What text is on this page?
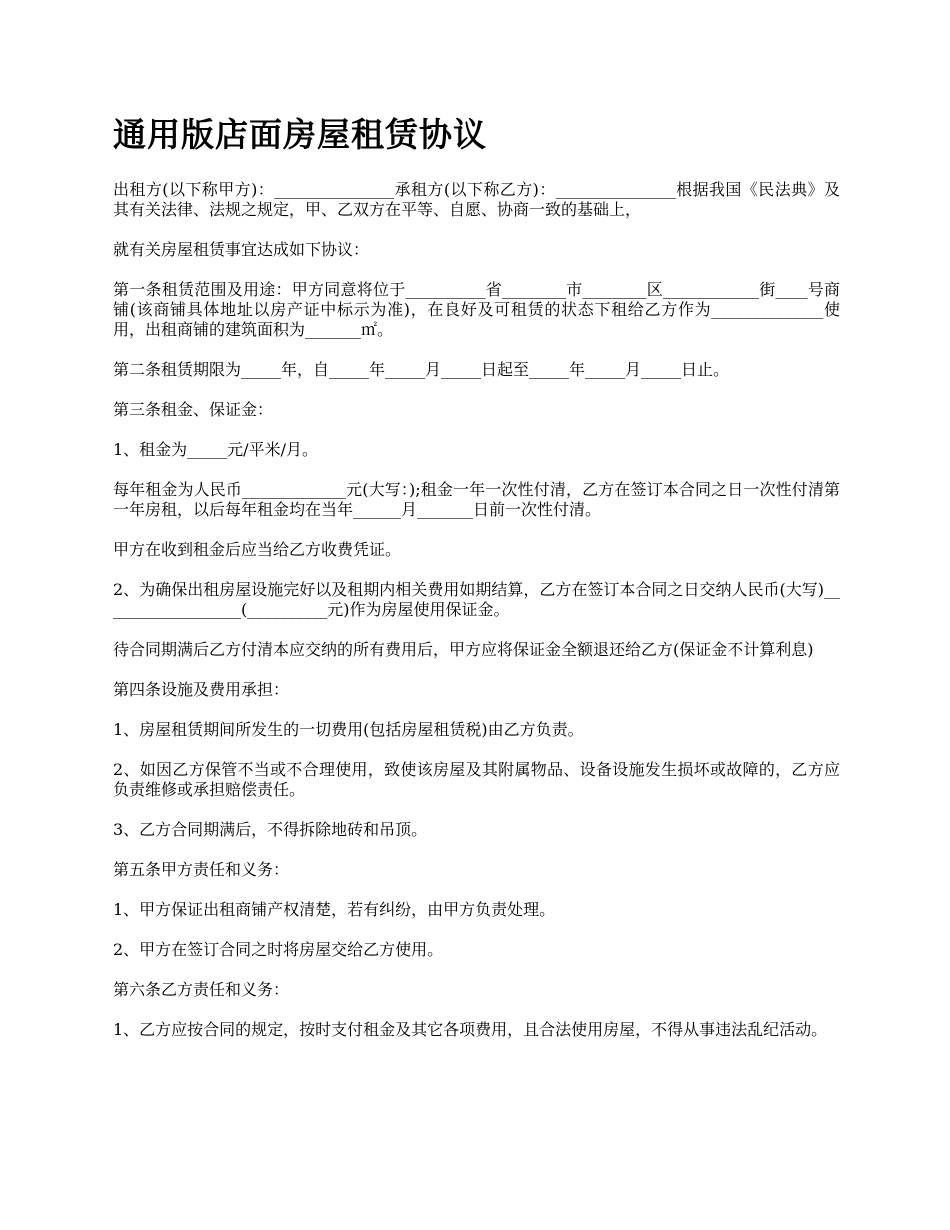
通用版店面房屋租赁协议

出租方(以下称甲方)：_______________承租方(以下称乙方)：_______________根据我国《民法典》及其有关法律、法规之规定，甲、乙双方在平等、自愿、协商一致的基础上，

就有关房屋租赁事宜达成如下协议：

第一条租赁范围及用途：甲方同意将位于__________省________市________区____________街____号商铺(该商铺具体地址以房产证中标示为准)，在良好及可租赁的状态下租给乙方作为______________使用，出租商铺的建筑面积为_______㎡。

第二条租赁期限为_____年，自_____年_____月_____日起至_____年_____月_____日止。

第三条租金、保证金：

1、租金为_____元/平米/月。

每年租金为人民币_____________元(大写：);租金一年一次性付清，乙方在签订本合同之日一次性付清第一年房租，以后每年租金均在当年______月_______日前一次性付清。

甲方在收到租金后应当给乙方收费凭证。

2、为确保出租房屋设施完好以及租期内相关费用如期结算，乙方在签订本合同之日交纳人民币(大写)__________________(__________元)作为房屋使用保证金。

待合同期满后乙方付清本应交纳的所有费用后，甲方应将保证金全额退还给乙方(保证金不计算利息)

第四条设施及费用承担：

1、房屋租赁期间所发生的一切费用(包括房屋租赁税)由乙方负责。

2、如因乙方保管不当或不合理使用，致使该房屋及其附属物品、设备设施发生损坏或故障的，乙方应负责维修或承担赔偿责任。

3、乙方合同期满后，不得拆除地砖和吊顶。

第五条甲方责任和义务：

1、甲方保证出租商铺产权清楚，若有纠纷，由甲方负责处理。

2、甲方在签订合同之时将房屋交给乙方使用。

第六条乙方责任和义务：

1、乙方应按合同的规定，按时支付租金及其它各项费用，且合法使用房屋，不得从事违法乱纪活动。
